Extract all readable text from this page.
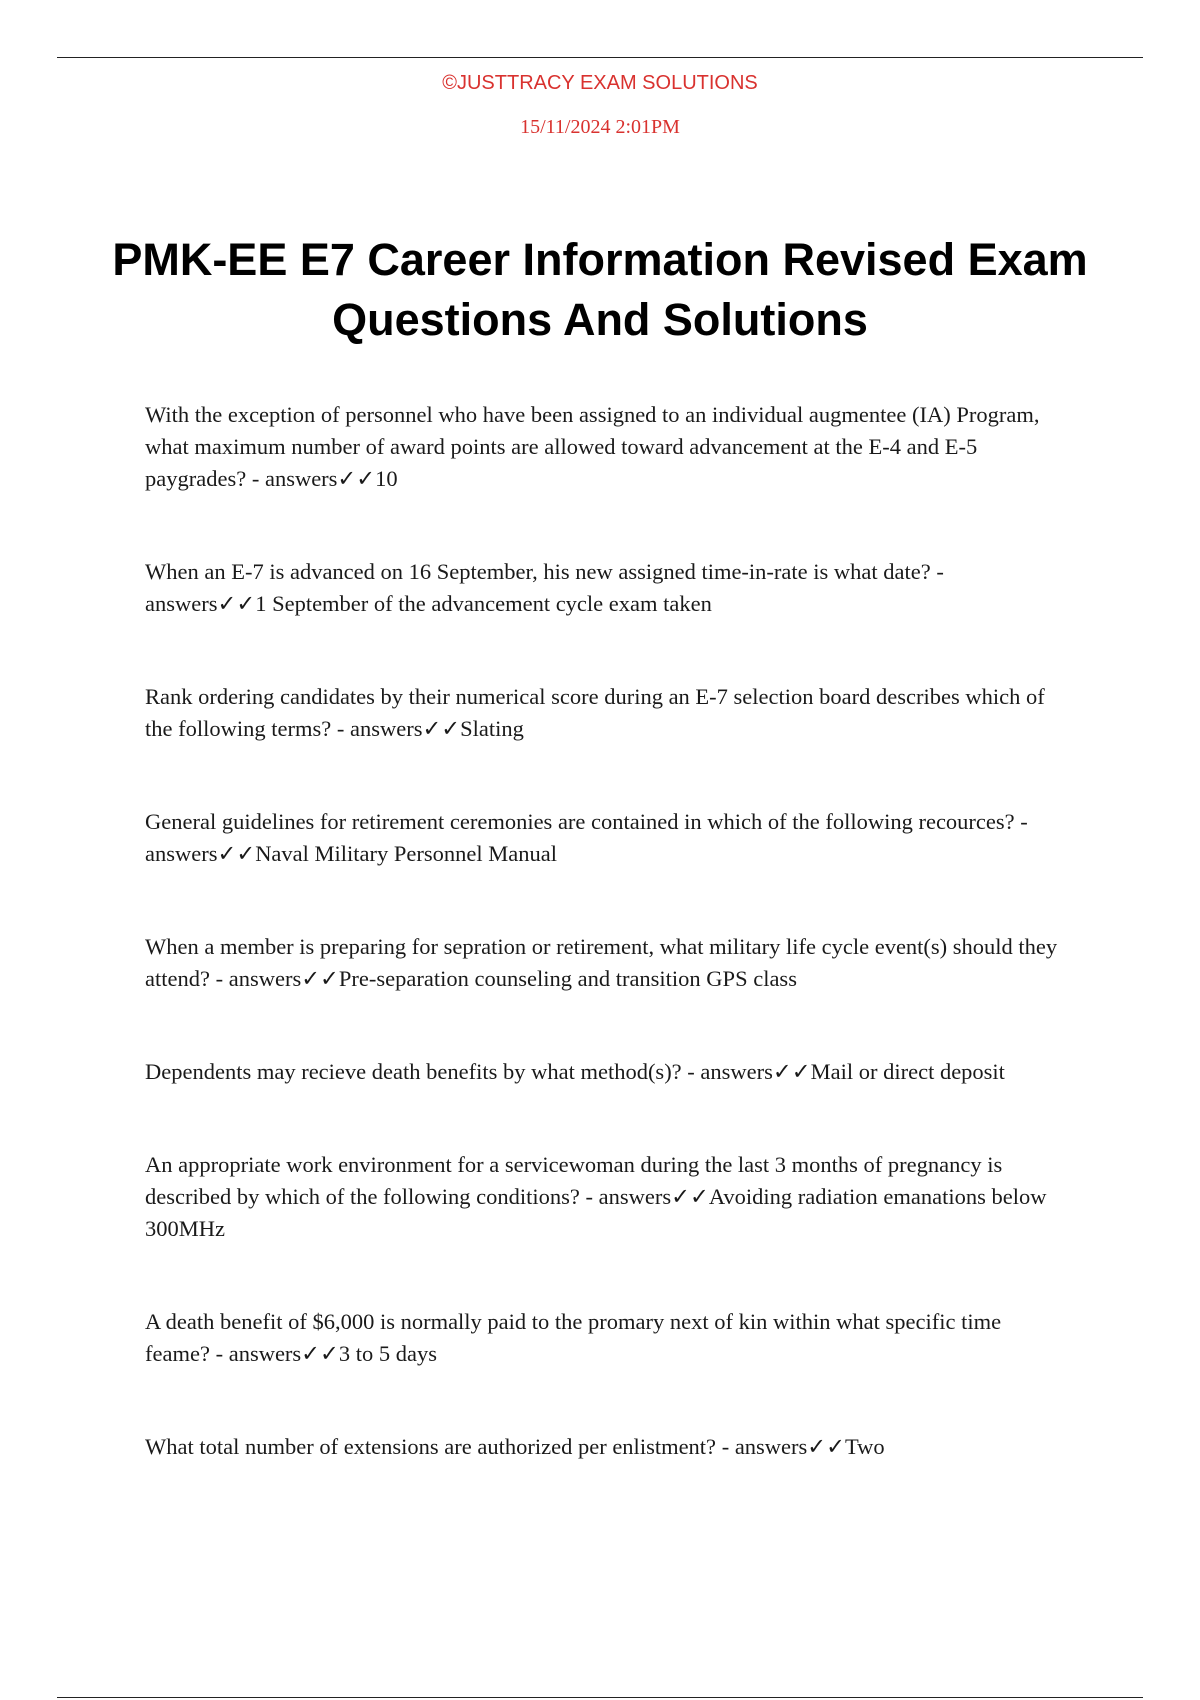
©JUSTTRACY EXAM SOLUTIONS

15/11/2024 2:01PM

PMK-EE E7 Career Information Revised Exam Questions And Solutions
With the exception of personnel who have been assigned to an individual augmentee (IA) Program, what maximum number of award points are allowed toward advancement at the E-4 and E-5 paygrades? - answers✓✓10
When an E-7 is advanced on 16 September, his new assigned time-in-rate is what date? - answers✓✓1 September of the advancement cycle exam taken
Rank ordering candidates by their numerical score during an E-7 selection board describes which of the following terms? - answers✓✓Slating
General guidelines for retirement ceremonies are contained in which of the following recources? - answers✓✓Naval Military Personnel Manual
When a member is preparing for sepration or retirement, what military life cycle event(s) should they attend? - answers✓✓Pre-separation counseling and transition GPS class
Dependents may recieve death benefits by what method(s)? - answers✓✓Mail or direct deposit
An appropriate work environment for a servicewoman during the last 3 months of pregnancy is described by which of the following conditions? - answers✓✓Avoiding radiation emanations below 300MHz
A death benefit of $6,000 is normally paid to the promary next of kin within what specific time feame? - answers✓✓3 to 5 days
What total number of extensions are authorized per enlistment? - answers✓✓Two
